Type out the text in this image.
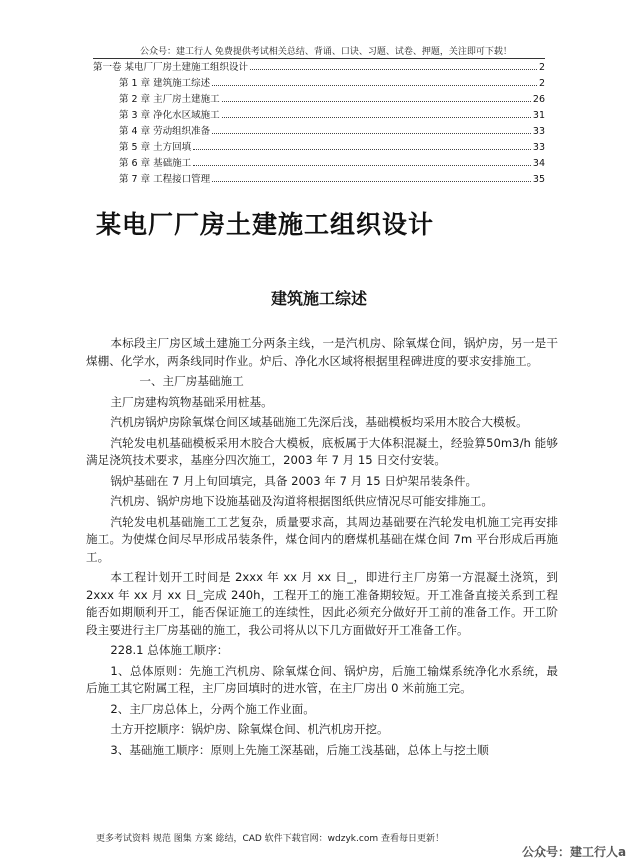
公众号：建工行人 免费提供考试相关总结、背诵、口诀、习题、试卷、押题，关注即可下载！
第一卷 某电厂厂房土建施工组织设计	2
第 1 章 建筑施工综述	2
第 2 章 主厂房土建施工	26
第 3 章 净化水区域施工	31
第 4 章 劳动组织准备	33
第 5 章 土方回填	33
第 6 章 基础施工	34
第 7 章 工程接口管理	35
某电厂厂房土建施工组织设计
建筑施工综述

本标段主厂房区域土建施工分两条主线，一是汽机房、除氧煤仓间，锅炉房，另一是干煤棚、化学水，两条线同时作业。炉后、净化水区域将根据里程碑进度的要求安排施工。

一、主厂房基础施工

主厂房建构筑物基础采用桩基。

汽机房锅炉房除氧煤仓间区域基础施工先深后浅，基础模板均采用木胶合大模板。

汽轮发电机基础模板采用木胶合大模板，底板属于大体积混凝土，经验算50m3/h 能够满足浇筑技术要求，基座分四次施工，2003 年 7 月 15 日交付安装。

锅炉基础在 7 月上旬回填完，具备 2003 年 7 月 15 日炉架吊装条件。

汽机房、锅炉房地下设施基础及沟道将根据图纸供应情况尽可能安排施工。

汽轮发电机基础施工工艺复杂，质量要求高，其周边基础要在汽轮发电机施工完再安排施工。为使煤仓间尽早形成吊装条件，煤仓间内的磨煤机基础在煤仓间 7m 平台形成后再施工。

本工程计划开工时间是 2xxx 年 xx 月 xx 日_，即进行主厂房第一方混凝土浇筑，到 2xxx 年 xx 月 xx 日_完成 240h，工程开工的施工准备期较短。开工准备直接关系到工程能否如期顺利开工，能否保证施工的连续性，因此必须充分做好开工前的准备工作。开工阶段主要进行主厂房基础的施工，我公司将从以下几方面做好开工准备工作。

228.1 总体施工顺序：

1、总体原则：先施工汽机房、除氧煤仓间、锅炉房，后施工输煤系统净化水系统，最后施工其它附属工程，主厂房回填时的进水管，在主厂房出 0 米前施工完。

2、主厂房总体上，分两个施工作业面。

土方开挖顺序：锅炉房、除氧煤仓间、机汽机房开挖。

3、基础施工顺序：原则上先施工深基础，后施工浅基础，总体上与挖土顺

更多考试资料 规范 图集 方案 総结，CAD 软件下载官网：wdzyk.com 查看每日更新！
公众号：建工行人a
